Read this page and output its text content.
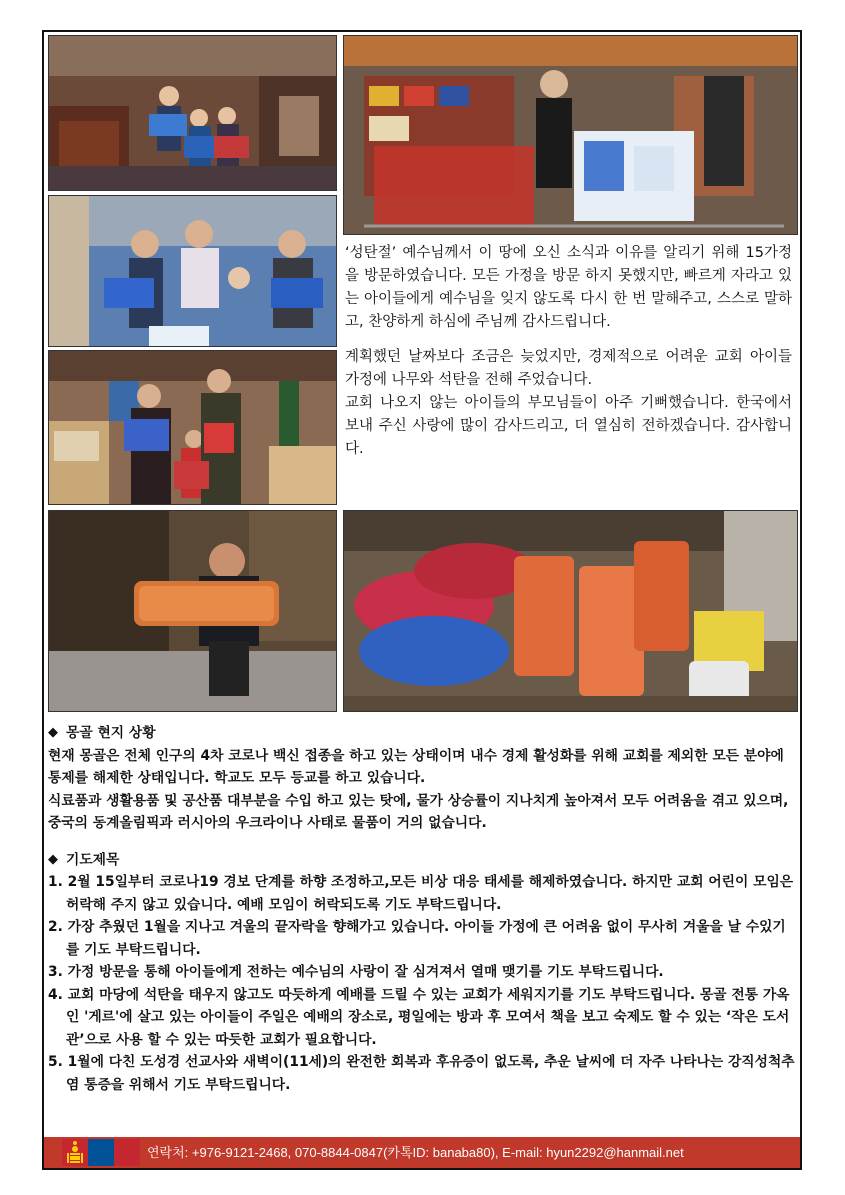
‘성탄절’ 예수님께서 이 땅에 오신 소식과 이유를 알리기 위해 15가정을 방문하였습니다. 모든 가정을 방문 하지 못했지만, 빠르게 자라고 있는 아이들에게 예수님을 잊지 않도록 다시 한 번 말해주고, 스스로 말하고, 찬양하게 하심에 주님께 감사드립니다.

계획했던 날짜보다 조금은 늦었지만, 경제적으로 어려운 교회 아이들 가정에 나무와 석탄을 전해 주었습니다.

교회 나오지 않는 아이들의 부모님들이 아주 기뻐했습니다. 한국에서 보내 주신 사랑에 많이 감사드리고, 더 열심히 전하겠습니다. 감사합니다.

◆ 몽골 현지 상황

현재 몽골은 전체 인구의 4차 코로나 백신 접종을 하고 있는 상태이며 내수 경제 활성화를 위해 교회를 제외한 모든 분야에 통제를 해제한 상태입니다. 학교도 모두 등교를 하고 있습니다.

식료품과 생활용품 및 공산품 대부분을 수입 하고 있는 탓에, 물가 상승률이 지나치게 높아져서 모두 어려움을 겪고 있으며, 중국의 동계올림픽과 러시아의 우크라이나 사태로 물품이 거의 없습니다.

◆ 기도제목

1. 2월 15일부터 코로나19 경보 단계를 하향 조정하고,모든 비상 대응 태세를 해제하였습니다. 하지만 교회 어린이 모임은 허락해 주지 않고 있습니다. 예배 모임이 허락되도록 기도 부탁드립니다.

2. 가장 추웠던 1월을 지나고 겨울의 끝자락을 향해가고 있습니다. 아이들 가정에 큰 어려움 없이 무사히 겨울을 날 수있기를 기도 부탁드립니다.

3. 가정 방문을 통해 아이들에게 전하는 예수님의 사랑이 잘 심겨져서 열매 맺기를 기도 부탁드립니다.

4. 교회 마당에 석탄을 태우지 않고도 따듯하게 예배를 드릴 수 있는 교회가 세워지기를 기도 부탁드립니다. 몽골 전통 가옥인 '게르'에 살고 있는 아이들이 주일은 예배의 장소로, 평일에는 방과 후 모여서 책을 보고 숙제도 할 수 있는 ‘작은 도서관’으로 사용 할 수 있는 따듯한 교회가 필요합니다.

5. 1월에 다친 도성경 선교사와 새벽이(11세)의 완전한 회복과 후유증이 없도록, 추운 날씨에 더 자주 나타나는 강직성척추염 통증을 위해서 기도 부탁드립니다.

연락처: +976-9121-2468, 070-8844-0847(카톡ID: banaba80), E-mail: hyun2292@hanmail.net
